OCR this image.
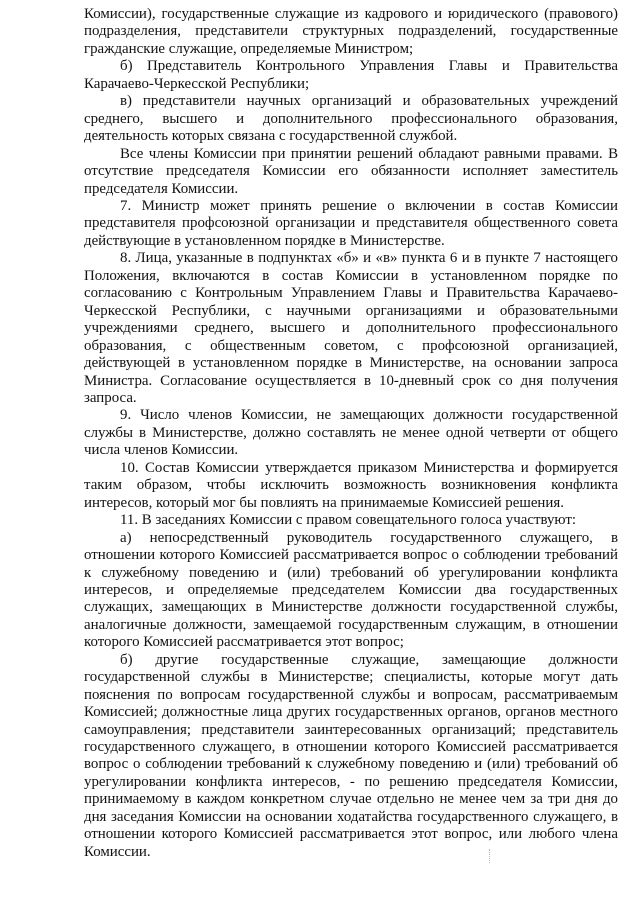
Комиссии), государственные служащие из кадрового и юридического (правового) подразделения, представители структурных подразделений, государственные гражданские служащие, определяемые Министром;

б) Представитель Контрольного Управления Главы и Правительства Карачаево-Черкесской Республики;

в) представители научных организаций и образовательных учреждений среднего, высшего и дополнительного профессионального образования, деятельность которых связана с государственной службой.

Все члены Комиссии при принятии решений обладают равными правами. В отсутствие председателя Комиссии его обязанности исполняет заместитель председателя Комиссии.

7. Министр может принять решение о включении в состав Комиссии представителя профсоюзной организации и представителя общественного совета действующие в установленном порядке в Министерстве.

8. Лица, указанные в подпунктах «б» и «в» пункта 6 и в пункте 7 настоящего Положения, включаются в состав Комиссии в установленном порядке по согласованию с Контрольным Управлением Главы и Правительства Карачаево-Черкесской Республики, с научными организациями и образовательными учреждениями среднего, высшего и дополнительного профессионального образования, с общественным советом, с профсоюзной организацией, действующей в установленном порядке в Министерстве, на основании запроса Министра. Согласование осуществляется в 10-дневный срок со дня получения запроса.

9. Число членов Комиссии, не замещающих должности государственной службы в Министерстве, должно составлять не менее одной четверти от общего числа членов Комиссии.

10. Состав Комиссии утверждается приказом Министерства и формируется таким образом, чтобы исключить возможность возникновения конфликта интересов, который мог бы повлиять на принимаемые Комиссией решения.

11. В заседаниях Комиссии с правом совещательного голоса участвуют:

а) непосредственный руководитель государственного служащего, в отношении которого Комиссией рассматривается вопрос о соблюдении требований к служебному поведению и (или) требований об урегулировании конфликта интересов, и определяемые председателем Комиссии два государственных служащих, замещающих в Министерстве должности государственной службы, аналогичные должности, замещаемой государственным служащим, в отношении которого Комиссией рассматривается этот вопрос;

б) другие государственные служащие, замещающие должности государственной службы в Министерстве; специалисты, которые могут дать пояснения по вопросам государственной службы и вопросам, рассматриваемым Комиссией; должностные лица других государственных органов, органов местного самоуправления; представители заинтересованных организаций; представитель государственного служащего, в отношении которого Комиссией рассматривается вопрос о соблюдении требований к служебному поведению и (или) требований об урегулировании конфликта интересов, - по решению председателя Комиссии, принимаемому в каждом конкретном случае отдельно не менее чем за три дня до дня заседания Комиссии на основании ходатайства государственного служащего, в отношении которого Комиссией рассматривается этот вопрос, или любого члена Комиссии.
